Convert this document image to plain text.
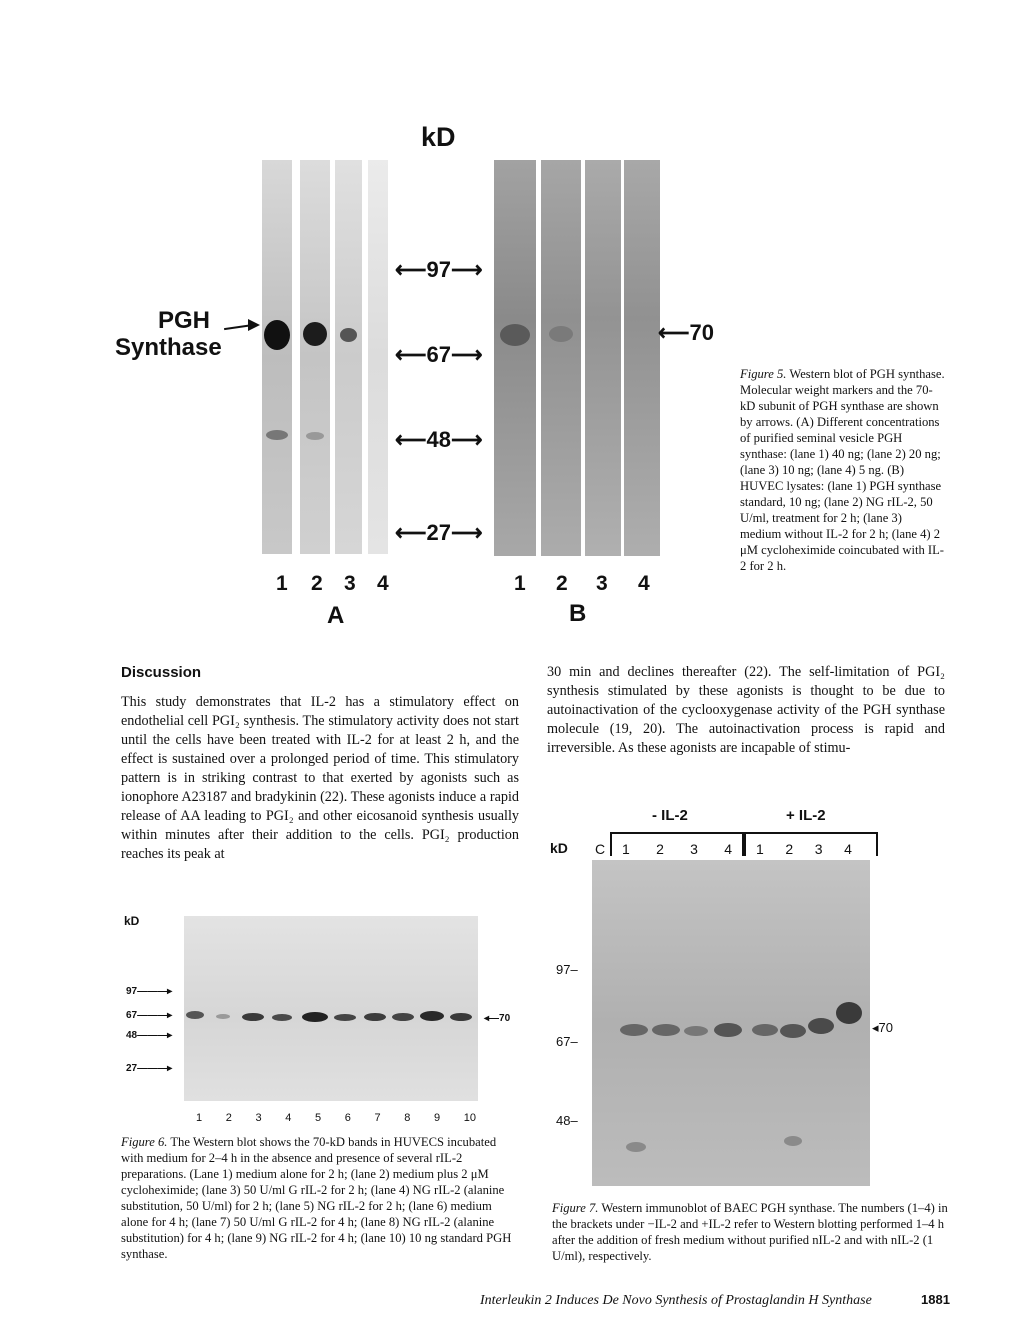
kD
PGH
Synthase
⟵97⟶
⟵67⟶
⟵48⟶
⟵27⟶
⟵70
1 2 3 4
A
1 2 3 4
B
Figure 5. Western blot of PGH synthase. Molecular weight markers and the 70-kD subunit of PGH synthase are shown by arrows. (A) Different concentrations of purified seminal vesicle PGH synthase: (lane 1) 40 ng; (lane 2) 20 ng; (lane 3) 10 ng; (lane 4) 5 ng. (B) HUVEC lysates: (lane 1) PGH synthase standard, 10 ng; (lane 2) NG rIL-2, 50 U/ml, treatment for 2 h; (lane 3) medium without IL-2 for 2 h; (lane 4) 2 μM cycloheximide coincubated with IL-2 for 2 h.
Discussion
This study demonstrates that IL-2 has a stimulatory effect on endothelial cell PGI₂ synthesis. The stimulatory activity does not start until the cells have been treated with IL-2 for at least 2 h, and the effect is sustained over a prolonged period of time. This stimulatory pattern is in striking contrast to that exerted by agonists such as ionophore A23187 and bradykinin (22). These agonists induce a rapid release of AA leading to PGI₂ and other eicosanoid synthesis usually within minutes after their addition to the cells. PGI₂ production reaches its peak at
30 min and declines thereafter (22). The self-limitation of PGI₂ synthesis stimulated by these agonists is thought to be due to autoinactivation of the cyclooxygenase activity of the PGH synthase molecule (19, 20). The autoinactivation process is rapid and irreversible. As these agonists are incapable of stimu-
kD
97———▸
67———▸
48———▸
27———▸
◂—70
1 2 3 4 5 6 7 8 9 10
Figure 6. The Western blot shows the 70-kD bands in HUVECS incubated with medium for 2–4 h in the absence and presence of several rIL-2 preparations. (Lane 1) medium alone for 2 h; (lane 2) medium plus 2 μM cycloheximide; (lane 3) 50 U/ml G rIL-2 for 2 h; (lane 4) NG rIL-2 (alanine substitution, 50 U/ml) for 2 h; (lane 5) NG rIL-2 for 2 h; (lane 6) medium alone for 4 h; (lane 7) 50 U/ml G rIL-2 for 4 h; (lane 8) NG rIL-2 (alanine substitution) for 4 h; (lane 9) NG rIL-2 for 4 h; (lane 10) 10 ng standard PGH synthase.
- IL-2	+ IL-2
kD C 1 2 3 4 1 2 3 4
97–
67–
48–
◂70
Figure 7. Western immunoblot of BAEC PGH synthase. The numbers (1–4) in the brackets under −IL-2 and +IL-2 refer to Western blotting performed 1–4 h after the addition of fresh medium without purified nIL-2 and with nIL-2 (1 U/ml), respectively.
Interleukin 2 Induces De Novo Synthesis of Prostaglandin H Synthase	1881
